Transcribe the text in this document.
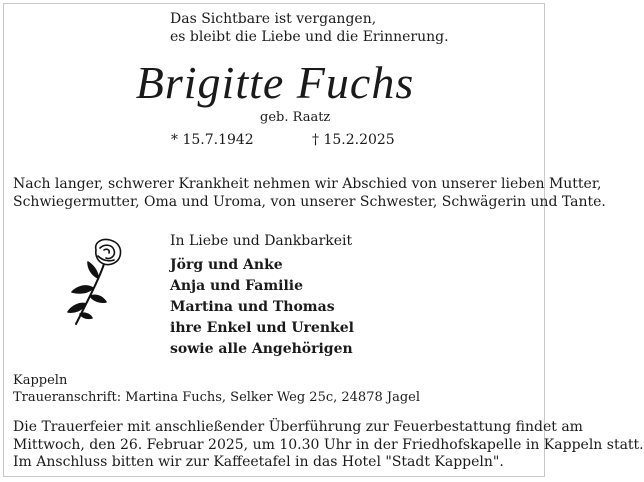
Das Sichtbare ist vergangen,
es bleibt die Liebe und die Erinnerung.
Brigitte Fuchs
geb. Raatz
* 15.7.1942	† 15.2.2025
Nach langer, schwerer Krankheit nehmen wir Abschied von unserer lieben Mutter,
Schwiegermutter, Oma und Uroma, von unserer Schwester, Schwägerin und Tante.
In Liebe und Dankbarkeit
Jörg und Anke
Anja und Familie
Martina und Thomas
ihre Enkel und Urenkel
sowie alle Angehörigen
Kappeln
Traueranschrift: Martina Fuchs, Selker Weg 25c, 24878 Jagel
Die Trauerfeier mit anschließender Überführung zur Feuerbestattung findet am
Mittwoch, den 26. Februar 2025, um 10.30 Uhr in der Friedhofskapelle in Kappeln statt.
Im Anschluss bitten wir zur Kaffeetafel in das Hotel "Stadt Kappeln".
